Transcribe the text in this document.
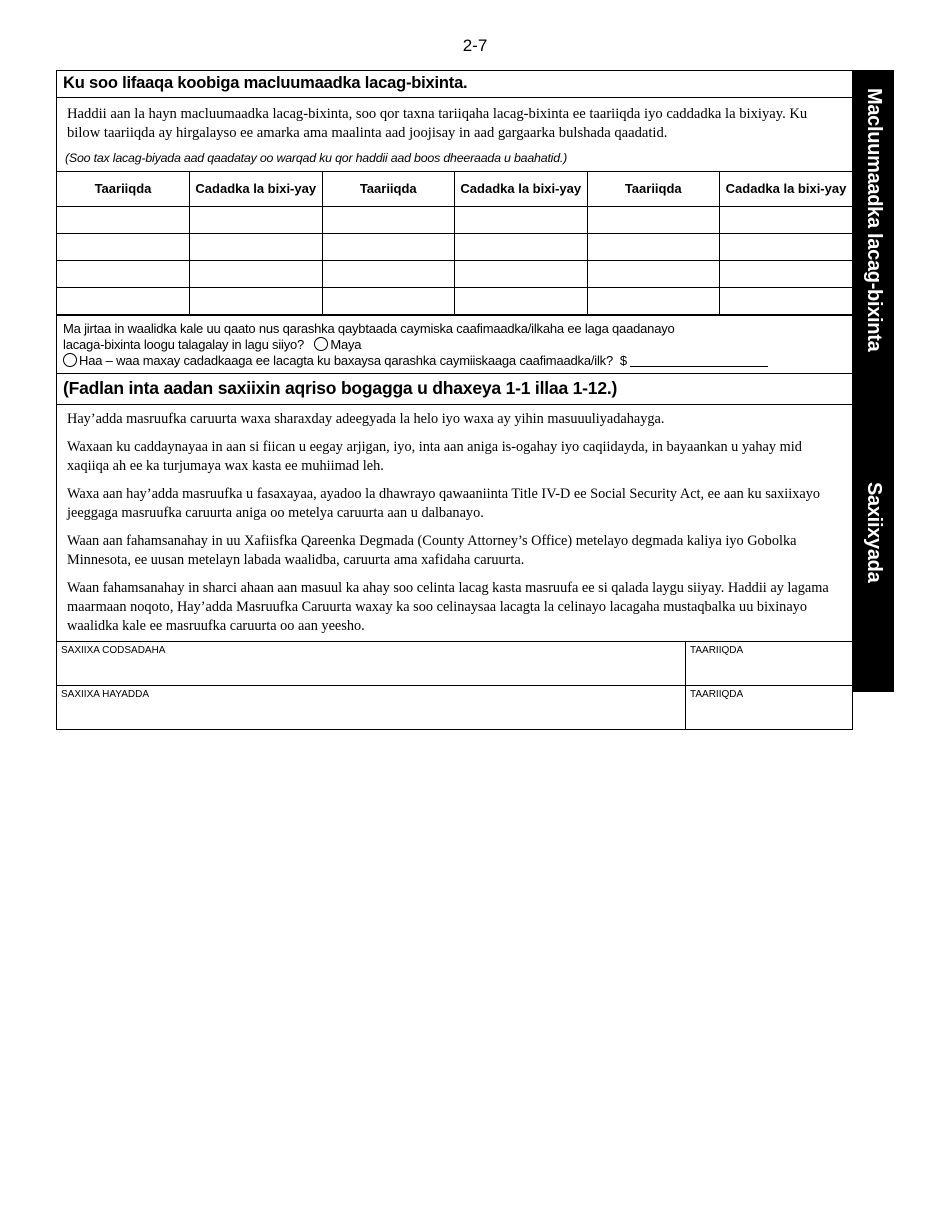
2-7
Ku soo lifaaqa koobiga macluumaadka lacag-bixinta.

Haddii aan la hayn macluumaadka lacag-bixinta, soo qor taxna tariiqaha lacag-bixinta ee taariiqda iyo caddadka la bixiyay. Ku bilow taariiqda ay hirgalayso ee amarka ama maalinta aad joojisay in aad gargaarka bulshada qaadatid.

(Soo tax lacag-biyada aad qaadatay oo warqad ku qor haddii aad boos dheeraada u baahatid.)
Taariiqda	Cadadka la bixi-yay	Taariiqda	Cadadka la bixi-yay	Taariiqda	Cadadka la bixi-yay

Ma jirtaa in waalidka kale uu qaato nus qarashka qaybtaada caymiska caafimaadka/ilkaha ee laga qaadanayo
lacaga-bixinta loogu talagalay in lagu siiyo? Maya
Haa – waa maxay cadadkaaga ee lacagta ku baxaysa qarashka caymiiskaaga caafimaadka/ilk? $
(Fadlan inta aadan saxiixin aqriso bogagga u dhaxeya 1-1 illaa 1-12.)

Hay’adda masruufka caruurta waxa sharaxday adeegyada la helo iyo waxa ay yihin masuuuliyadahayga.

Waxaan ku caddaynayaa in aan si fiican u eegay arjigan, iyo, inta aan aniga is-ogahay iyo caqiidayda, in bayaankan u yahay mid xaqiiqa ah ee ka turjumaya wax kasta ee muhiimad leh.

Waxa aan hay’adda masruufka u fasaxayaa, ayadoo la dhawrayo qawaaniinta Title IV-D ee Social Security Act, ee aan ku saxiixayo jeeggaga masruufka caruurta aniga oo metelya caruurta aan u dalbanayo.

Waan aan fahamsanahay in uu Xafiisfka Qareenka Degmada (County Attorney’s Office) metelayo degmada kaliya iyo Gobolka Minnesota, ee uusan metelayn labada waalidba, caruurta ama xafidaha caruurta.

Waan fahamsanahay in sharci ahaan aan masuul ka ahay soo celinta lacag kasta masruufa ee si qalada laygu siiyay. Haddii ay lagama maarmaan noqoto, Hay’adda Masruufka Caruurta waxay ka soo celinaysaa lacagta la celinayo lacagaha mustaqbalka uu bixinayo waalidka kale ee masruufka caruurta oo aan yeesho.

SAXIIXA CODSADAHA	TAARIIQDA
SAXIIXA HAYADDA	TAARIIQDA
Macluumaadka lacag-bixinta
Saxiixyada
